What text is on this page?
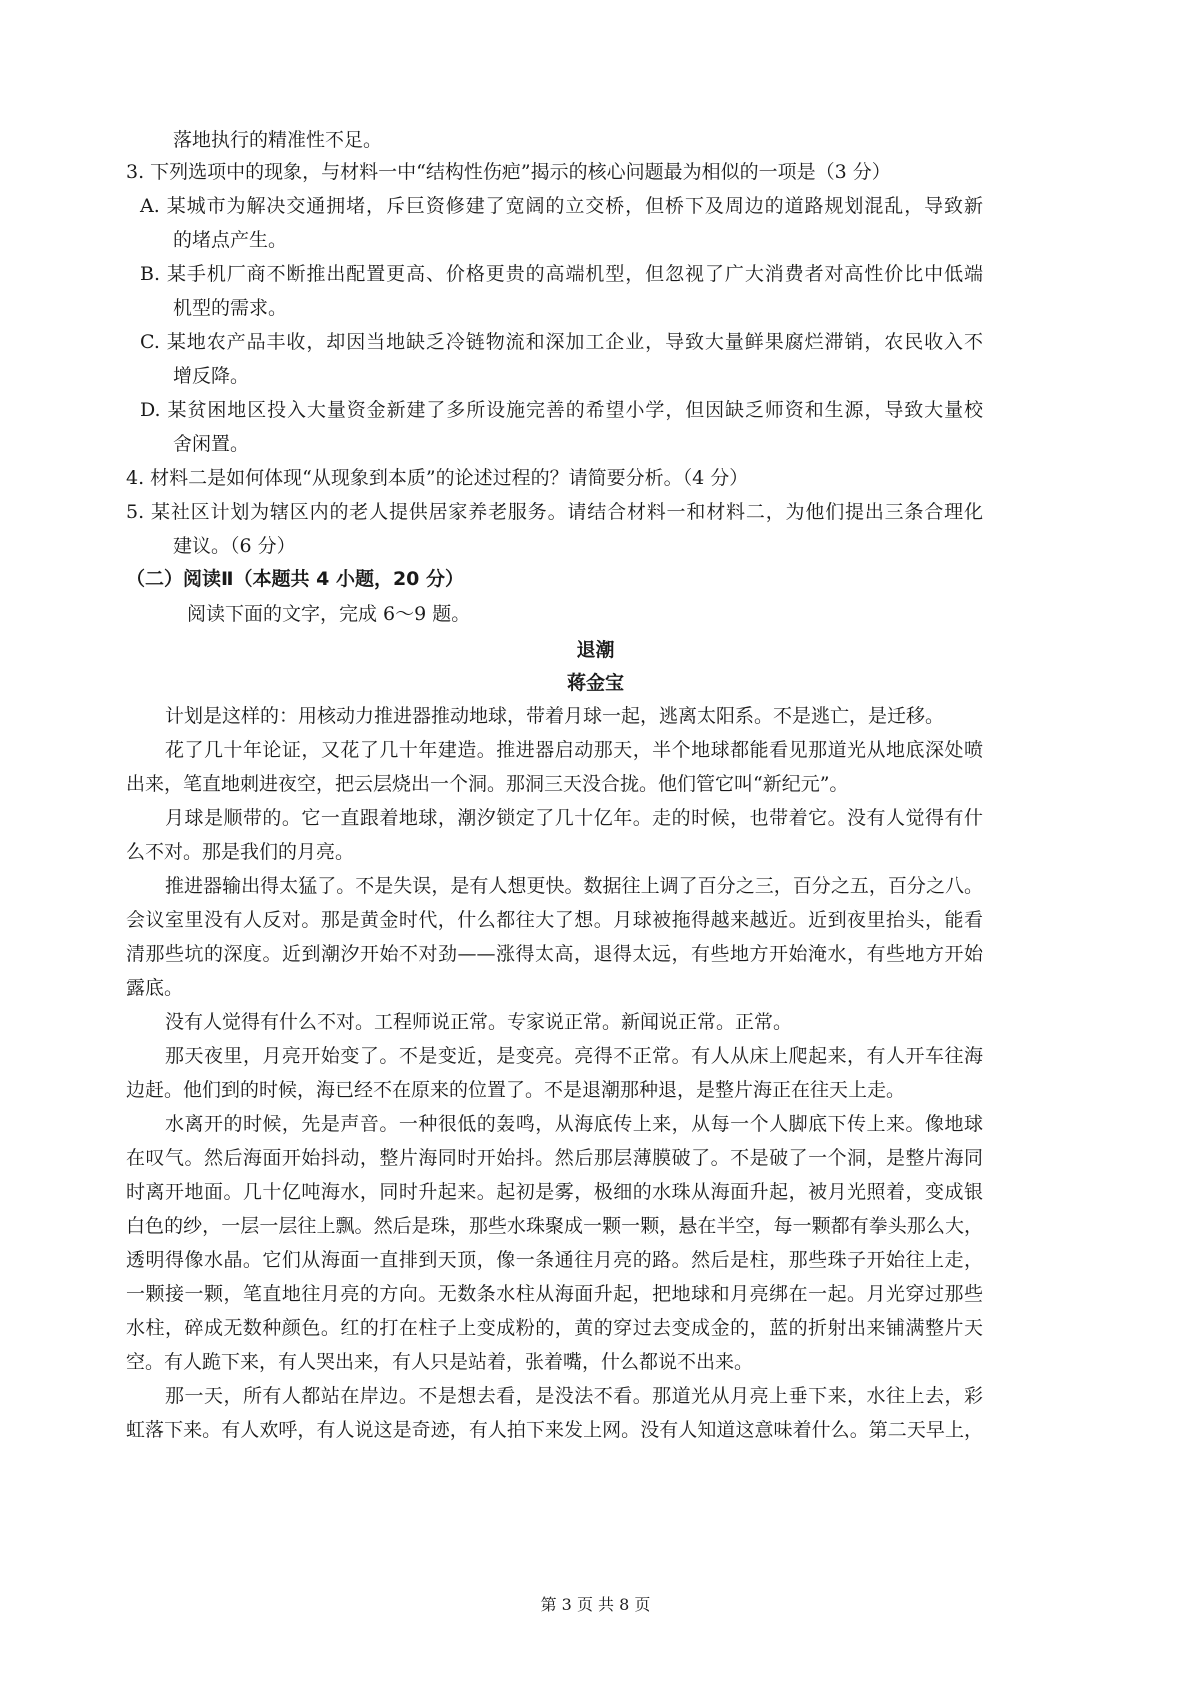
落地执行的精准性不足。
3. 下列选项中的现象，与材料一中“结构性伤疤”揭示的核心问题最为相似的一项是（3 分）
A. 某城市为解决交通拥堵，斥巨资修建了宽阔的立交桥，但桥下及周边的道路规划混乱，导致新
的堵点产生。
B. 某手机厂商不断推出配置更高、价格更贵的高端机型，但忽视了广大消费者对高性价比中低端
机型的需求。
C. 某地农产品丰收，却因当地缺乏冷链物流和深加工企业，导致大量鲜果腐烂滞销，农民收入不
增反降。
D. 某贫困地区投入大量资金新建了多所设施完善的希望小学，但因缺乏师资和生源，导致大量校
舍闲置。
4. 材料二是如何体现“从现象到本质”的论述过程的？请简要分析。（4 分）
5. 某社区计划为辖区内的老人提供居家养老服务。请结合材料一和材料二，为他们提出三条合理化
建议。（6 分）
（二）阅读Ⅱ（本题共 4 小题，20 分）
阅读下面的文字，完成 6～9 题。
退潮
蒋金宝
计划是这样的：用核动力推进器推动地球，带着月球一起，逃离太阳系。不是逃亡，是迁移。
花了几十年论证，又花了几十年建造。推进器启动那天，半个地球都能看见那道光从地底深处喷
出来，笔直地刺进夜空，把云层烧出一个洞。那洞三天没合拢。他们管它叫“新纪元”。
月球是顺带的。它一直跟着地球，潮汐锁定了几十亿年。走的时候，也带着它。没有人觉得有什
么不对。那是我们的月亮。
推进器输出得太猛了。不是失误，是有人想更快。数据往上调了百分之三，百分之五，百分之八。
会议室里没有人反对。那是黄金时代，什么都往大了想。月球被拖得越来越近。近到夜里抬头，能看
清那些坑的深度。近到潮汐开始不对劲——涨得太高，退得太远，有些地方开始淹水，有些地方开始
露底。
没有人觉得有什么不对。工程师说正常。专家说正常。新闻说正常。正常。
那天夜里，月亮开始变了。不是变近，是变亮。亮得不正常。有人从床上爬起来，有人开车往海
边赶。他们到的时候，海已经不在原来的位置了。不是退潮那种退，是整片海正在往天上走。
水离开的时候，先是声音。一种很低的轰鸣，从海底传上来，从每一个人脚底下传上来。像地球
在叹气。然后海面开始抖动，整片海同时开始抖。然后那层薄膜破了。不是破了一个洞，是整片海同
时离开地面。几十亿吨海水，同时升起来。起初是雾，极细的水珠从海面升起，被月光照着，变成银
白色的纱，一层一层往上飘。然后是珠，那些水珠聚成一颗一颗，悬在半空，每一颗都有拳头那么大，
透明得像水晶。它们从海面一直排到天顶，像一条通往月亮的路。然后是柱，那些珠子开始往上走，
一颗接一颗，笔直地往月亮的方向。无数条水柱从海面升起，把地球和月亮绑在一起。月光穿过那些
水柱，碎成无数种颜色。红的打在柱子上变成粉的，黄的穿过去变成金的，蓝的折射出来铺满整片天
空。有人跪下来，有人哭出来，有人只是站着，张着嘴，什么都说不出来。
那一天，所有人都站在岸边。不是想去看，是没法不看。那道光从月亮上垂下来，水往上去，彩
虹落下来。有人欢呼，有人说这是奇迹，有人拍下来发上网。没有人知道这意味着什么。第二天早上，
第 3 页 共 8 页
